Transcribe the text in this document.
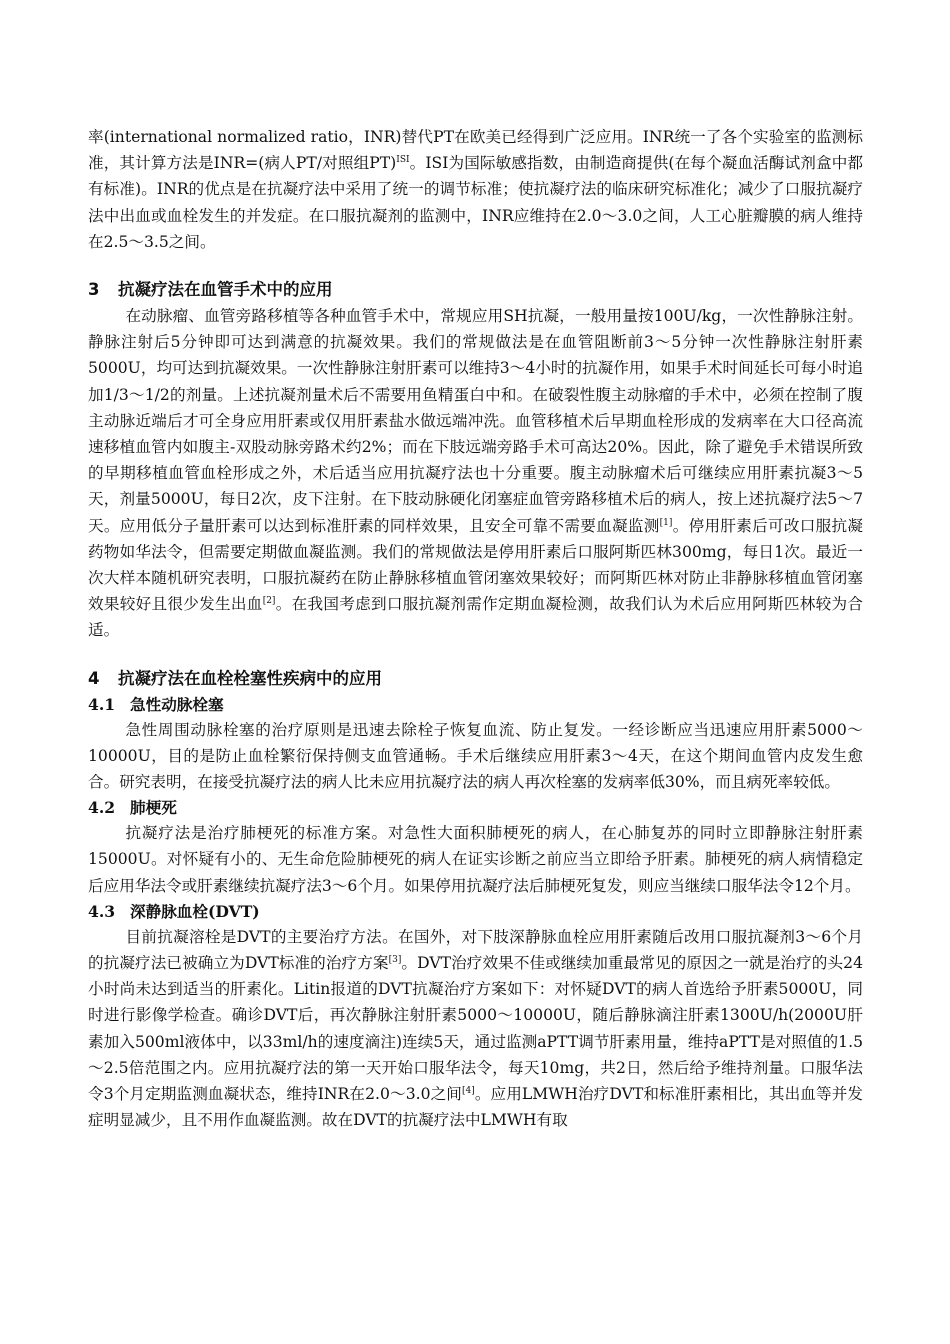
率(international normalized ratio，INR)替代PT在欧美已经得到广泛应用。INR统一了各个实验室的监测标准，其计算方法是INR=(病人PT/对照组PT)$^{ISI}$。ISI为国际敏感指数，由制造商提供(在每个凝血活酶试剂盒中都有标准)。INR的优点是在抗凝疗法中采用了统一的调节标准；使抗凝疗法的临床研究标准化；减少了口服抗凝疗法中出血或血栓发生的并发症。在口服抗凝剂的监测中，INR应维持在2.0～3.0之间，人工心脏瓣膜的病人维持在2.5～3.5之间。

3 抗凝疗法在血管手术中的应用

在动脉瘤、血管旁路移植等各种血管手术中，常规应用SH抗凝，一般用量按100U/kg，一次性静脉注射。静脉注射后5分钟即可达到满意的抗凝效果。我们的常规做法是在血管阻断前3～5分钟一次性静脉注射肝素5000U，均可达到抗凝效果。一次性静脉注射肝素可以维持3～4小时的抗凝作用，如果手术时间延长可每小时追加1/3～1/2的剂量。上述抗凝剂量术后不需要用鱼精蛋白中和。在破裂性腹主动脉瘤的手术中，必须在控制了腹主动脉近端后才可全身应用肝素或仅用肝素盐水做远端冲洗。血管移植术后早期血栓形成的发病率在大口径高流速移植血管内如腹主-双股动脉旁路术约2%；而在下肢远端旁路手术可高达20%。因此，除了避免手术错误所致的早期移植血管血栓形成之外，术后适当应用抗凝疗法也十分重要。腹主动脉瘤术后可继续应用肝素抗凝3～5天，剂量5000U，每日2次，皮下注射。在下肢动脉硬化闭塞症血管旁路移植术后的病人，按上述抗凝疗法5～7天。应用低分子量肝素可以达到标准肝素的同样效果，且安全可靠不需要血凝监测[1]。停用肝素后可改口服抗凝药物如华法令，但需要定期做血凝监测。我们的常规做法是停用肝素后口服阿斯匹林300mg，每日1次。最近一次大样本随机研究表明，口服抗凝药在防止静脉移植血管闭塞效果较好；而阿斯匹林对防止非静脉移植血管闭塞效果较好且很少发生出血[2]。在我国考虑到口服抗凝剂需作定期血凝检测，故我们认为术后应用阿斯匹林较为合适。

4 抗凝疗法在血栓栓塞性疾病中的应用
4.1 急性动脉栓塞

急性周围动脉栓塞的治疗原则是迅速去除栓子恢复血流、防止复发。一经诊断应当迅速应用肝素5000～10000U，目的是防止血栓繁衍保持侧支血管通畅。手术后继续应用肝素3～4天，在这个期间血管内皮发生愈合。研究表明，在接受抗凝疗法的病人比未应用抗凝疗法的病人再次栓塞的发病率低30%，而且病死率较低。

4.2 肺梗死

抗凝疗法是治疗肺梗死的标准方案。对急性大面积肺梗死的病人，在心肺复苏的同时立即静脉注射肝素15000U。对怀疑有小的、无生命危险肺梗死的病人在证实诊断之前应当立即给予肝素。肺梗死的病人病情稳定后应用华法令或肝素继续抗凝疗法3～6个月。如果停用抗凝疗法后肺梗死复发，则应当继续口服华法令12个月。

4.3 深静脉血栓(DVT)

目前抗凝溶栓是DVT的主要治疗方法。在国外，对下肢深静脉血栓应用肝素随后改用口服抗凝剂3～6个月的抗凝疗法已被确立为DVT标准的治疗方案[3]。DVT治疗效果不佳或继续加重最常见的原因之一就是治疗的头24小时尚未达到适当的肝素化。Litin报道的DVT抗凝治疗方案如下：对怀疑DVT的病人首选给予肝素5000U，同时进行影像学检查。确诊DVT后，再次静脉注射肝素5000～10000U，随后静脉滴注肝素1300U/h(2000U肝素加入500ml液体中，以33ml/h的速度滴注)连续5天，通过监测aPTT调节肝素用量，维持aPTT是对照值的1.5～2.5倍范围之内。应用抗凝疗法的第一天开始口服华法令，每天10mg，共2日，然后给予维持剂量。口服华法令3个月定期监测血凝状态，维持INR在2.0～3.0之间[4]。应用LMWH治疗DVT和标准肝素相比，其出血等并发症明显减少，且不用作血凝监测。故在DVT的抗凝疗法中LMWH有取
